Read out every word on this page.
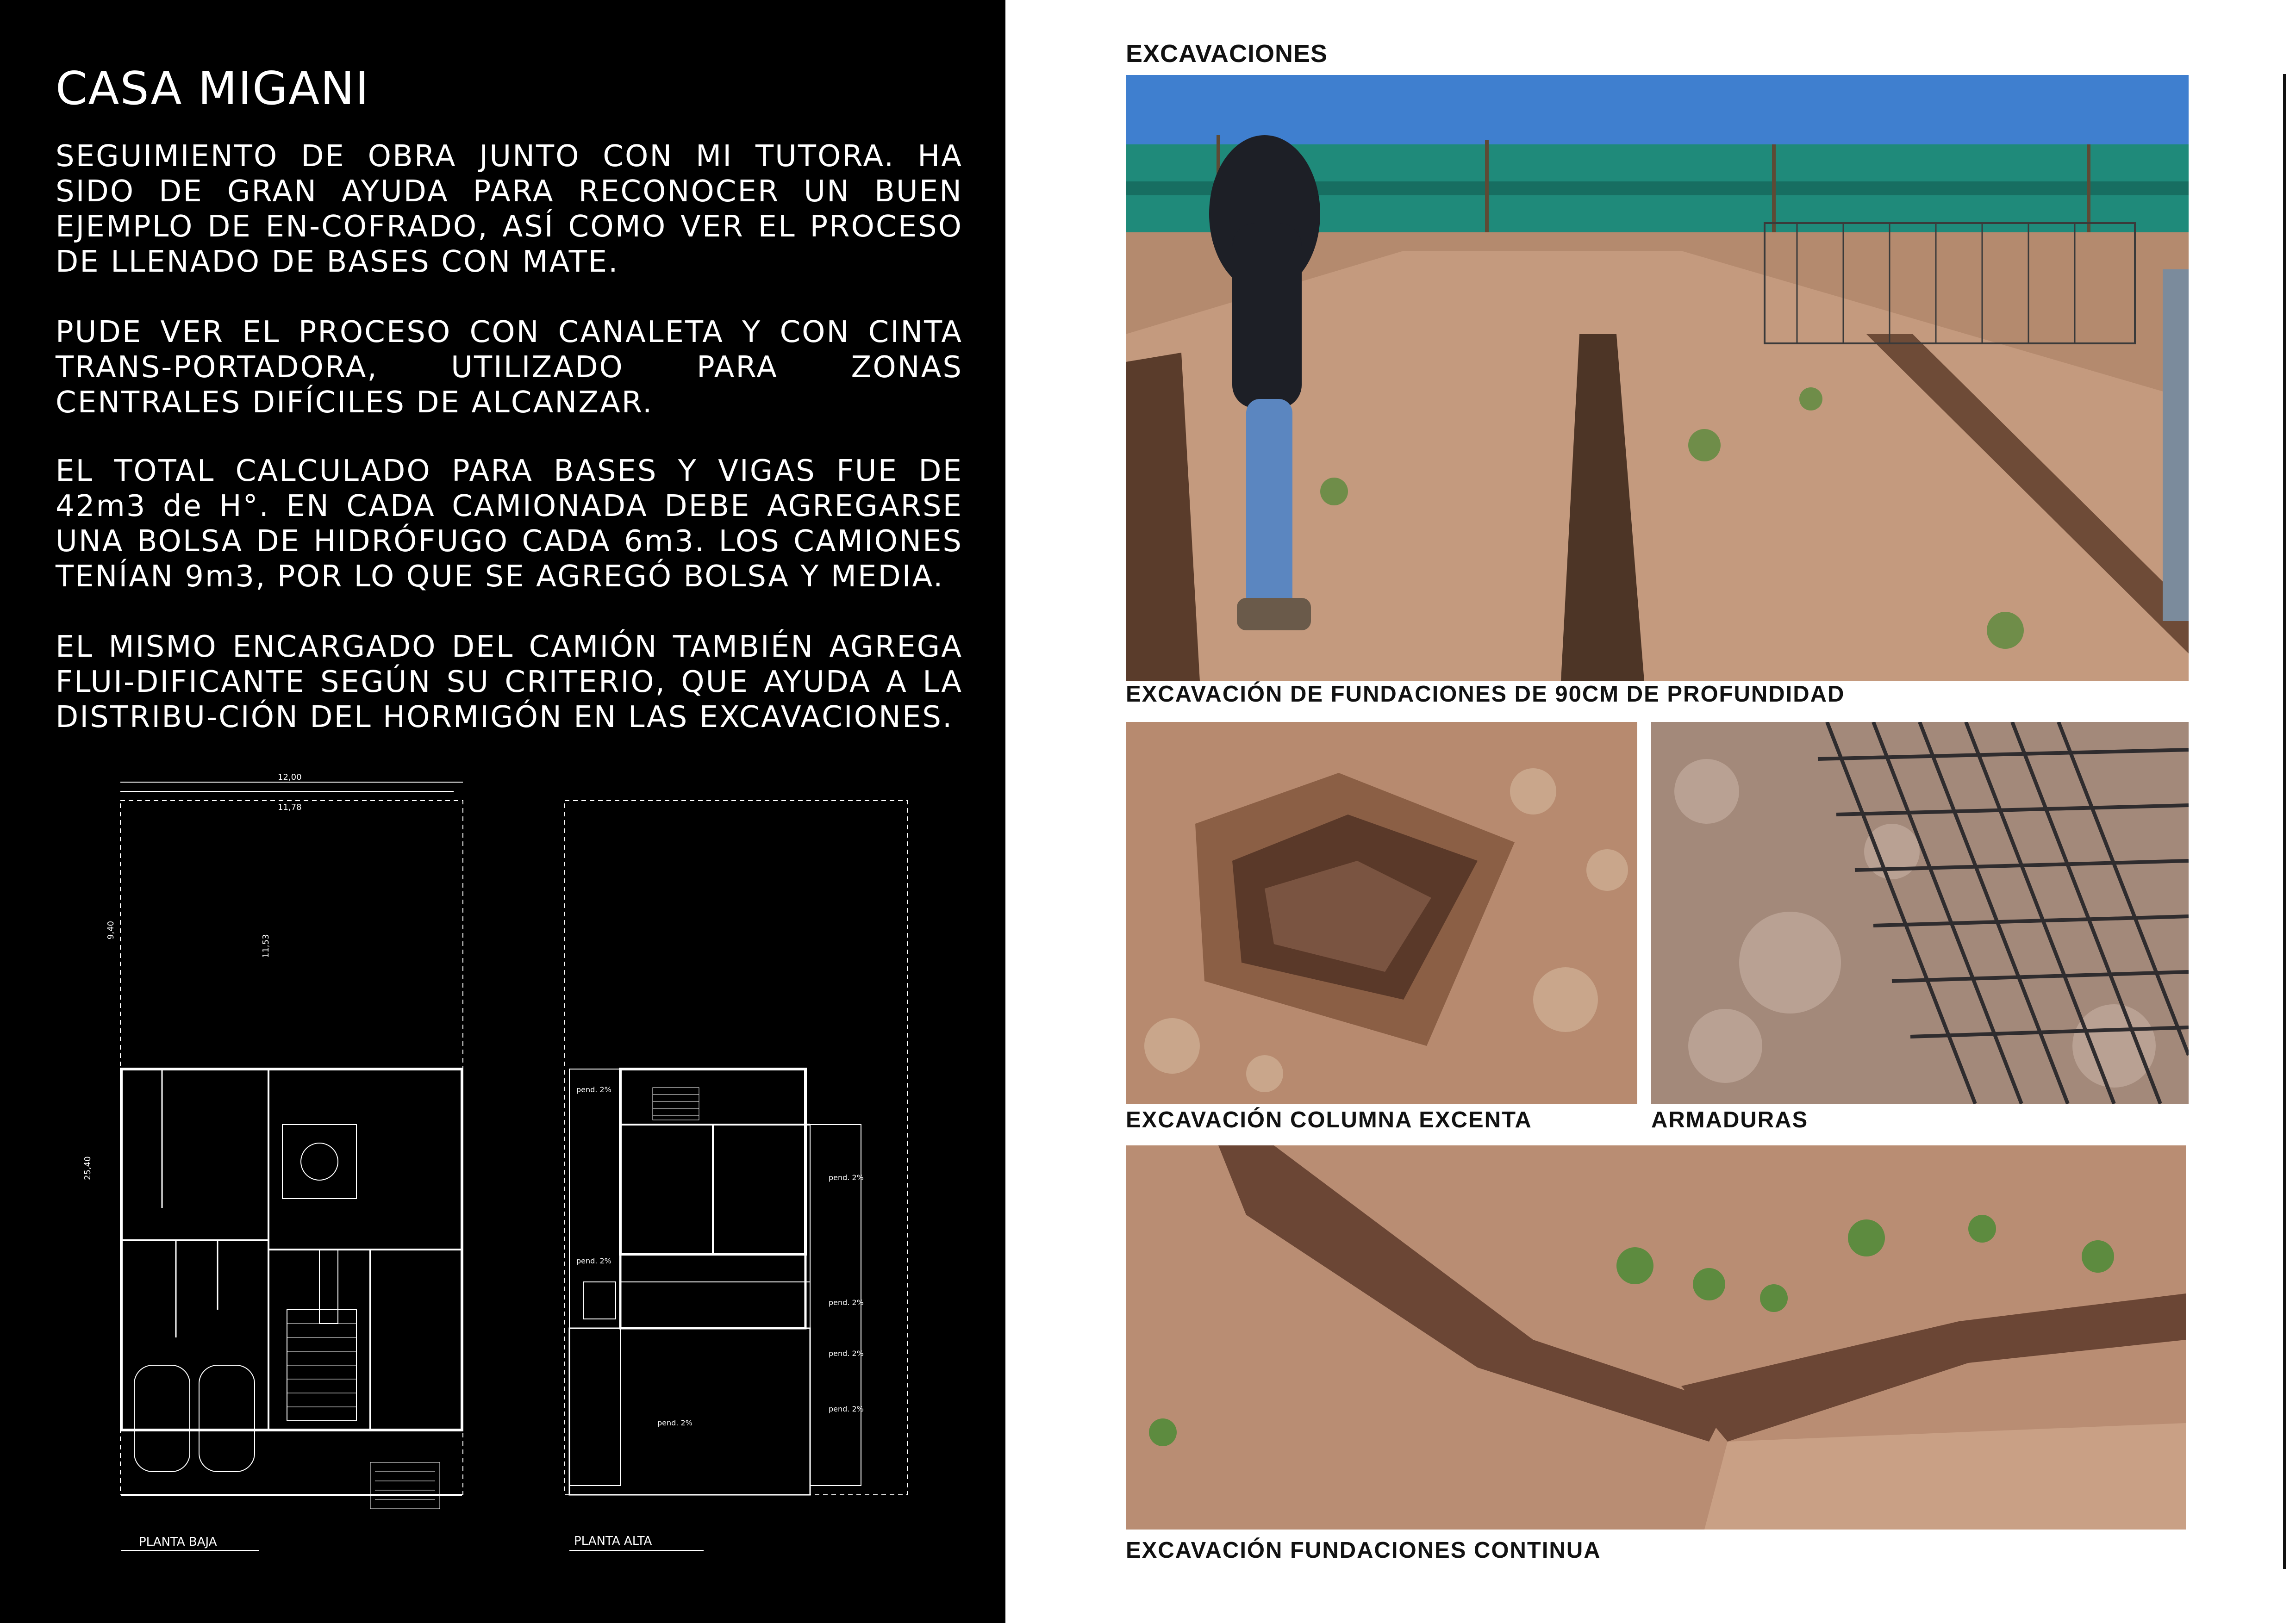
CASA MIGANI
SEGUIMIENTO DE OBRA JUNTO CON MI TUTORA. HA SIDO DE GRAN AYUDA PARA RECONOCER UN BUEN EJEMPLO DE EN-COFRADO, ASÍ COMO VER EL PROCESO DE LLENADO DE BASES CON MATE.
PUDE VER EL PROCESO CON CANALETA Y CON CINTA TRANS-PORTADORA, UTILIZADO PARA ZONAS CENTRALES DIFÍCILES DE ALCANZAR.
EL TOTAL CALCULADO PARA BASES Y VIGAS FUE DE 42m3 de H°. EN CADA CAMIONADA DEBE AGREGARSE UNA BOLSA DE HIDRÓFUGO CADA 6m3. LOS CAMIONES TENÍAN 9m3, POR LO QUE SE AGREGÓ BOLSA Y MEDIA.
EL MISMO ENCARGADO DEL CAMIÓN TAMBIÉN AGREGA FLUI-DIFICANTE SEGÚN SU CRITERIO, QUE AYUDA A LA DISTRIBU-CIÓN DEL HORMIGÓN EN LAS EXCAVACIONES.
12,00
11,78
25,40
9,40
11,53
PLANTA BAJA
pend. 2%
pend. 2%
pend. 2%
pend. 2%
pend. 2%
pend. 2%
pend. 2%
PLANTA ALTA
EXCAVACIONES
EXCAVACIÓN DE FUNDACIONES DE 90CM DE PROFUNDIDAD
EXCAVACIÓN COLUMNA EXCENTA	ARMADURAS
EXCAVACIÓN FUNDACIONES CONTINUA
